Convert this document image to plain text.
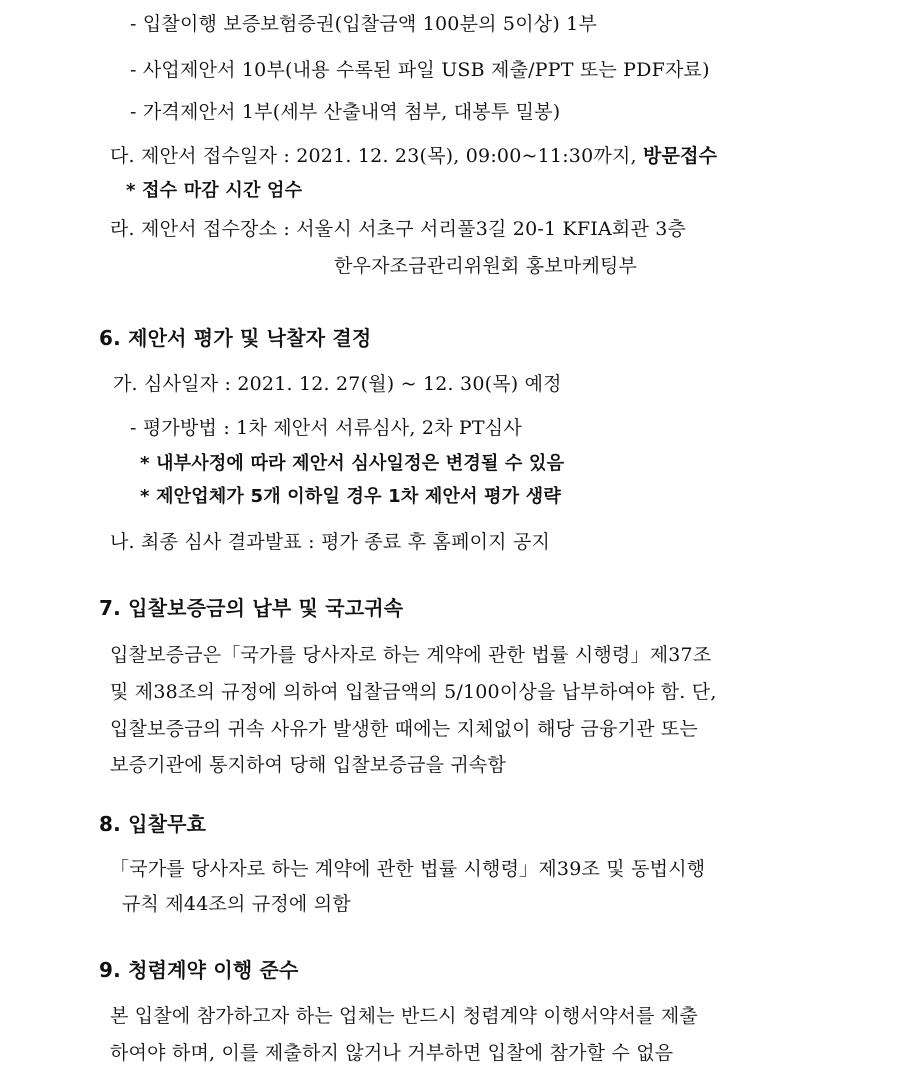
- 입찰이행 보증보험증권(입찰금액 100분의 5이상) 1부
- 사업제안서 10부(내용 수록된 파일 USB 제출/PPT 또는 PDF자료)
- 가격제안서 1부(세부 산출내역 첨부, 대봉투 밀봉)
다. 제안서 접수일자 : 2021. 12. 23(목), 09:00~11:30까지, 방문접수
* 접수 마감 시간 엄수
라. 제안서 접수장소 : 서울시 서초구 서리풀3길 20-1 KFIA회관 3층
한우자조금관리위원회 홍보마케팅부
6. 제안서 평가 및 낙찰자 결정
가. 심사일자 : 2021. 12. 27(월) ~ 12. 30(목) 예정
- 평가방법 : 1차 제안서 서류심사, 2차 PT심사
* 내부사정에 따라 제안서 심사일정은 변경될 수 있음
* 제안업체가 5개 이하일 경우 1차 제안서 평가 생략
나. 최종 심사 결과발표 : 평가 종료 후 홈페이지 공지
7. 입찰보증금의 납부 및 국고귀속
입찰보증금은「국가를 당사자로 하는 계약에 관한 법률 시행령」제37조
및 제38조의 규정에 의하여 입찰금액의 5/100이상을 납부하여야 함. 단,
입찰보증금의 귀속 사유가 발생한 때에는 지체없이 해당 금융기관 또는
보증기관에 통지하여 당해 입찰보증금을 귀속함
8. 입찰무효
「국가를 당사자로 하는 계약에 관한 법률 시행령」제39조 및 동법시행
규칙 제44조의 규정에 의함
9. 청렴계약 이행 준수
본 입찰에 참가하고자 하는 업체는 반드시 청렴계약 이행서약서를 제출
하여야 하며, 이를 제출하지 않거나 거부하면 입찰에 참가할 수 없음
